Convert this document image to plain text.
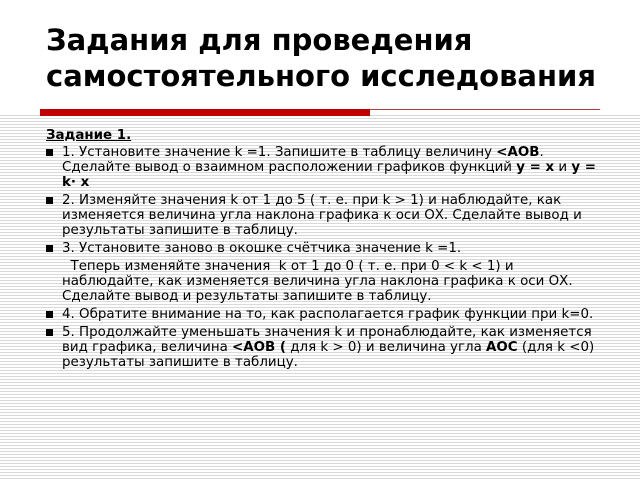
Задания для проведения самостоятельного исследования
Задание 1.
1. Установите значение k =1. Запишите в таблицу величину <AOB. Сделайте вывод о взаимном расположении графиков функций y = x и y = k· x
2. Изменяйте значения k от 1 до 5 ( т. е. при k > 1) и наблюдайте, как изменяется величина угла наклона графика к оси ОХ. Сделайте вывод и результаты запишите в таблицу.
3. Установите заново в окошке счётчика значение k =1.
Теперь изменяйте значения  k от 1 до 0 ( т. е. при 0 < k < 1) и наблюдайте, как изменяется величина угла наклона графика к оси ОХ.  Сделайте вывод и результаты запишите в таблицу.
4. Обратите внимание на то, как располагается график функции при k=0.
5. Продолжайте уменьшать значения k и пронаблюдайте, как изменяется вид графика, величина <AOB ( для k > 0) и величина угла AOC (для k <0) результаты запишите в таблицу.
